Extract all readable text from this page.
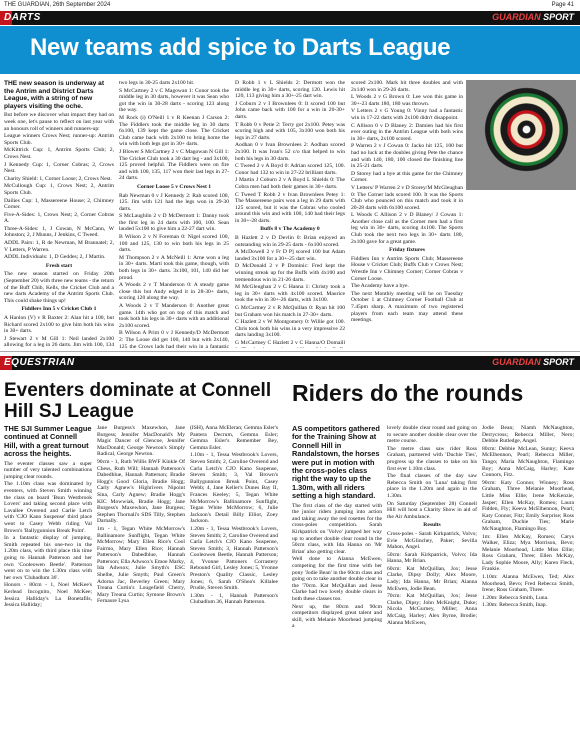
THE GUARDIAN, 26th September 2024	Page 41
DARTS	GUARDIAN SPORT
New teams add spice to Darts League
THE new season is underway at the Antrim and District Darts League, with a string of new players visiting the oche.

But before we discover what impact they had on week one, let's pause to reflect on last year with an honours roll of winners and runners-up:

League winners Crows Nest; runner-up: Antrim Sports Club.

McKittrick Cup: 1, Antrim Sports Club; 2, Crows Nest.

J Kennedy Cup: 1, Corner Cobras; 2, Crows Nest.

Charity Shield: 1, Corner Loose; 2, Crows Nest.

McCullough Cup: 1, Crows Nest; 2, Antrim Sports Club.

Dailies Cup: 1, Massereene House; 2, Chimney Corner.

Five-A-Sides: 1, Crows Nest; 2, Corner Cobras A.

Three-A-Sides: 1, J Cowan, N McCann, W Johnston; 2, J Munns, J Jenkins, C Tweed.

ADDL Pairs: 1, R de Newman, M Brannatel; 2, V Letters, P Warren.

ADDL Individuals: 1, D Geddes; 2, J Martin.

Fresh start

The new season started on Friday 20th (September 20) with three new teams - the return of the Buff Chib, Kells, the Cricket Club and a new darts Academy of the Antrim Sports Club. This could shake things up!

Fiddlers Inn 5 v Cricket Club 1

A Hanlon (V) v R Baxter 2: Alan hit a 100, but Richard scored 2x100 to give him both his wins in 30+ darts.

J Stewart 2 v M Gill 1: Neil landed 2x100 allowing for a leg in 26 darts. Jim with 100, 134

two legs in 30-25 darts 2x100 hit.

S McCartney 2 v C Magowan 1: Conor took the middle leg in 30 darts, however it was Sean who got the win in 30-28 darts - scoring 123 along the way.

M Rock (i) O'Neill 1 v R Keenan J Carson 2: The Fiddlers took the middle leg in 30 darts 6x100, 139 kept the game close. The Cricket Club came back with 2x100 to bring home the win with both legs got in 30+ darts.

J Blower S McCartney 2 v C Magowan N Gill 1: The Cricket Club took a 30 dart leg - and 3x100, 125 proved helpful. The Fiddlers were on fire and with 100, 135, 117 won their last legs in 27-24 darts.

Corner Loose 5 v Crows Nest 1

Rab Newman 0 v J Kennedy 2: Rab scored 100, 125. Jim with 121 had the legs won in 29-30 darts.

S McLaughlin 2 v D McDermott 1: Danny took the first leg in 24 darts with 100, 100. Sean landed 5x100 to give him a 22-27 dart win.

B Wilson 2 v N Foreman 0: Nigel scored 100, 100 and 125, 130 to win both his legs in 25 darts.

M Thompson 2 v A McNeill 1: Arne won a leg in 30+ darts. Marti took this game, though, with both legs in 30+ darts. 3x100, 101, 140 did her proud.

A Woods 2 v T Manderson 0: A steady game close this but Andy edged it in 28-30+ darts, scoring 120 along the way.

A Woods 2 v T Manderson 0: Another great game. 14th who got on top of this match and took both his legs in 30+ darts with an additional 2x100 scored.

B Wilson A Prim 0 v J Kennedy/D McDermott 2: The Loose did get 100, 140 but with 2x140, 125 the Crows lads had their win in a fantastic

D Robb 1 v L Shields 2: Dermott won the middle leg in 30+ darts, scoring 120. Lewis hit 120, 113 giving him a 30+-25 dart win.

J Coburn 2 v I Brownlees 0: It scored 100 but John came back with 100 for a win in 20-30+ darts.

T Robb 0 v Petie 2: Terry got 2x100. Petey was scoring high and with 105, 3x100 won both his legs in 27 darts.

Aodhan 0 v Ivan Brownlees 2: Aodhan scored 2x100. It was Ivan's 52 c/o that helped to win both his legs in 30 darts.

C Tweed 2 v A Boyd 0: Adrian scored 125, 100. Conor had 132 to win in 27-22 brilliant darts.

J Martin J Coburn 2 v A Boyd L Shields 0: The Cobra men had both their games in 30+ darts.

C Tweed T Robb 2 v Ivan Brownlees Petey 1: The Massereene pairs won a leg in 29 darts with 125 scored, but it was the Cobras who cooled around this win and with 100, 140 had their legs in 30+-28 darts.

Buffs 8 v The Academy 0

B Hazlett 2 v D Devlin 0: Brian enjoyed an outstanding win in 29-25 darts - 6x100 scored.

A McDowell 2 v Fr D P] scored 100 but Adam landed 3x100 for a 30+-25 dart win.

D McDonald 2 v P Dominic: Fred kept the winning streak up for the Buffs with 4x100 and tremendous win in 21-26 darts.

M McGleughan 2 v C Hanna 1: Christy took a leg in 30+ darts with 4x100 scored. Maurice took the win in 30+-26 darts, with 3x100.

G McCartney 2 v R McQuillan 0: Ryan hit 100 but Graham won his match in 27-30+ darts.

C Hazlett 2 v W Montgomery 0: Willie got 100. Chris took both his wins in a very impressive 22 darts landing 3x100.

G McCartney C Hazlett 2 v C Hanna/O Domaill

scored 2x100. Mark hit three doubles and with 2x140 won in 29-26 darts.

L Woods 2 v G Brown 0: Lee won this game in 30+-23 darts 180, 180 was thrown.

V Letters 2 v G Young 0: Vinny had a fantastic win in 17-22 darts with 2x100 didn't disappoint.

C Allison 0 v D Blaney 2: Damien had his first ever outing in the Antrim League with both wins in 30+ darts, 2x100 scored.

P Warren 2 v J Cowan 0: Jacko hit 125, 100 but had no luck at the doubles giving Pete the chance and with 140, 180, 100 closed the finishing line in 25-21 darts.

D Storey had a bye at this game for the Chimney Corner.

V Letters/ P Warren 2 v D Storey/M McGleughan 0: The Corner lads scored 100. It was the Sports Club who pounced on this match and took it in 20-28 darts with 6x100 scored.

L Woods C Allison 2 v D Blaney/ J Cowan 1: Another close call as the Corner men had a first leg win in 30+ darts, scoring 4x100. The Sports Club took the next two legs in 30+ darts 180, 2x100 gave for a great game.

Friday fixtures

Fiddlers Inn v Antrim Sports Club; Massereene House v Cricket Club; Buffs Club v Crows Nest; Wrestle Inn v Chimney Corner; Corner Cobras v Corner Loose.

The Academy have a bye.

The next Monthly meeting will be on Tuesday October 1 at Chimney Corner Football Club at 7.45pm sharp. A maximum of two registered players from each team may attend these meetings.

EQUESTRIAN	GUARDIAN SPORT
Eventers dominate at Connell Hill SJ League
Riders do the rounds
THE SJI Summer League continued at Connell Hill, with a great turnout across the heights.

The eventer classes saw a super number of very talented combinations jumping clear rounds.

The 1.10m class was dominated by eventers, with Steven Smith winning the class on board 'Bsun Westbrook Lovers' and taking second place with Lavallee Overend and Carlie Letch with 'CJO Kano Suspense' third place went to Casey Webb riding Val Brown's 'Ballygunnion Break Point'.

In a fantastic display of jumping, Smith repeated his one-two in the 1.20m class, with third place this time going to Hannah Patterson and her own 'Cooleowen Beetle'. Patterson went on to win the 1.30m class with her own 'Clubadlum 36'.

Honors - 80cm - 1, Noel McKee's Kerlead Incognito, Noel McKee; Jessica Halliday's La Bonetafils, Jessica Halliday;

Jane Burgess's Maxewhon, Jane Burgess; Jennifer MacDonald's My Magic Dancer of Glencoe, Jennifer MacDonald; George Newton's Simply Radical, George Newton.

90cm - 1, Ruth Willis BWF Kinkle Of Chess, Ruth Will; Hannah Patterson's Dabedblue, Hannah Patterson; Bradie Hogg's Good Gloria, Bradie Hogg; Carly Agnew's Highrivers Nipoint Sina, Carly Agnew; Bradie Hogg's KIC Mowwiak, Bradie Hogg; Jane Burgess's Maxewhon, Jane Burgess; Stephen Thornali's SDS Tilly, Stephen Darnally.

1m - 1, Tegan White McMorrow's Ballinamore Sunflight, Tegan White McMorrow; Mary Ellen Rice's Cool Fairmo, Mary Ellen Rice; Hannah Patterson's Dabedblue, Hannah Patterson; Ella Adwsox's Emoe Marky, Ida Adwsox; Julie Smyth's ESC Shelbe, Julie Smyth; Paul Green's Adorna Jac, Beverley Green; Mary Treana Curtin's Lougefield Cherry, Mary Treana Curtin; Symone Brown's Fernaure Lysa

(ISH), Anna McEleran; Gemma Esler's Pantera Decrum, Gemma Esler; Gemma Esler's Remember Bey, Gemma Esler.

1.10m - 1, Tessa Westbrook's Lovers, Steven Smith; 2, Caroline Overend and Carla Letch's CJO Kano Suspense, Steven Smith; 3, Val Brown's Ballygunnion Break Point, Casey Webb; 4, Jane Keller's Dunes Bay II, Frances Keeley; 5, Tegan White McMorrow's Ballinamore Sunflight, Tegan White McMorrow; 6, Julie Jackson's Detail Billy Elliot, Zoey Jackson.

1.20m - 1, Tessa Westbrook's Lovers, Steven Smith; 2, Caroline Overend and Carla Letch's CJO Kano Suspense, Steven Smith; 3, Hannah Patterson's Cooleowen Beetle, Hannah Patterson; 4, Yvonne Pattoners Corrastery Rebound Girl, Lesley Jones; 5, Yvonne Preston's Quality Classic, Lesley Jones; 6, Sarah O'Shea's Killalee Prudie, Steven Smith.

1.30m - 1, Hannah Patterson's Clubadlum 36, Hannah Patterson.

AS competitors gathered for the Training Show at Connell Hill in Randalstown, the horses were put in motion with the cross-poles class right the way to up the 1.30m, with all riders setting a high standard.

The first class of the day started with the junior riders jumping into action and taking away the red rosettes for the cross-poles competition. Sarah Kirkpatrick on 'Volvo' jumped her way up to another double clear round in the 50cm class, with Ida Hanna on 'Mr Brian' also getting clear.

Well done to Alanna McEwen, competing for the first time with her pony 'Jodie Bean' in the 60cm class and going on to take another double clear in the '70cm. Kat McQuillan and Jesse Clarke had two lovely double clears in both these classes too.

Next up, the 80cm and 90cm competitors displayed great talent and skill, with Melanie Moorhead jumping a

lovely double clear round and going on to secure another double clear over the metre course.

The metre class saw rider Ross Graham, partnered with 'Duchie Ties', progress up the classes to take on his first ever 1.10m class.

The final classes of the day saw Rebecca Smith on 'Luna' taking first place in the 1.20m and again in the 1.30m.

On Saturday (September 28) Connell Hill will host a Charity Show in aid of the Air Ambulance.

Results

Cross-poles - Sarah Kirkpatrick, Volvo; Evie McGlinchey, Paker; Sevilla Mahon, Angel.

50cm: Sarah Kirkpatrick, Volvo; Ida Hanna, Mr Brian.

60cm: Kat McQuillan, Jox; Jesse Clarke, Dipsy Dolly; Alex Moore, Lady; Ida Hanna, Mr Brian; Alanna McEwen, Jodie Bean.

70cm: Kat McQuillan, Jox; Jesse Clarke, Dipsy; John McKnight, Duke; Nicola McGurney, Miller; Anna McCaig, Harley; Alex Byrne, Brodie; Alanna McEwen,

Jodie Bean; Niamh McNaughton, Derrycross; Rebecca Miller, Nero; Debbie Rutledge, Angel.

80cm: Debbie McLean, Sunny; Keeva McElhennon, Pearl; Rebecca Miller, Tango; Maria McNaughton, Flamingo Boy; Anna McCaig, Harley; Kate Connors, Fitz.

90cm: Katy Connor, Winney; Ross Graham, Three Melanie Moorhead, Little Miss Ellie; Irene McKenzie, Jasper; Ellen McKay, Romeo; Laura Fidden, Fly; Keeva McElhennon, Pearl; Katy Connor, Fitz; Emily Surprise; Ross Graham, Duchie Ties; Marie McNaughton, Flamingo Boy.

1m: Ellen McKay, Romeo; Carys Walker, Eliza; Mya Morrison, Bevo; Melanie Moorhead, Little Miss Ellie; Ross Graham, Three; Ellen McKay, Lady Sophie Moore, Ally; Karen Fleck, Frankie.

1.10m: Alanna McEwen, Ted; Alex Moorhead, Bevo; Fred Rebecca Smith, Irene; Ross Graham, Three.

1.20m: Rebecca Smith, Luna.

1.30m: Rebecca Smith, Inap.
